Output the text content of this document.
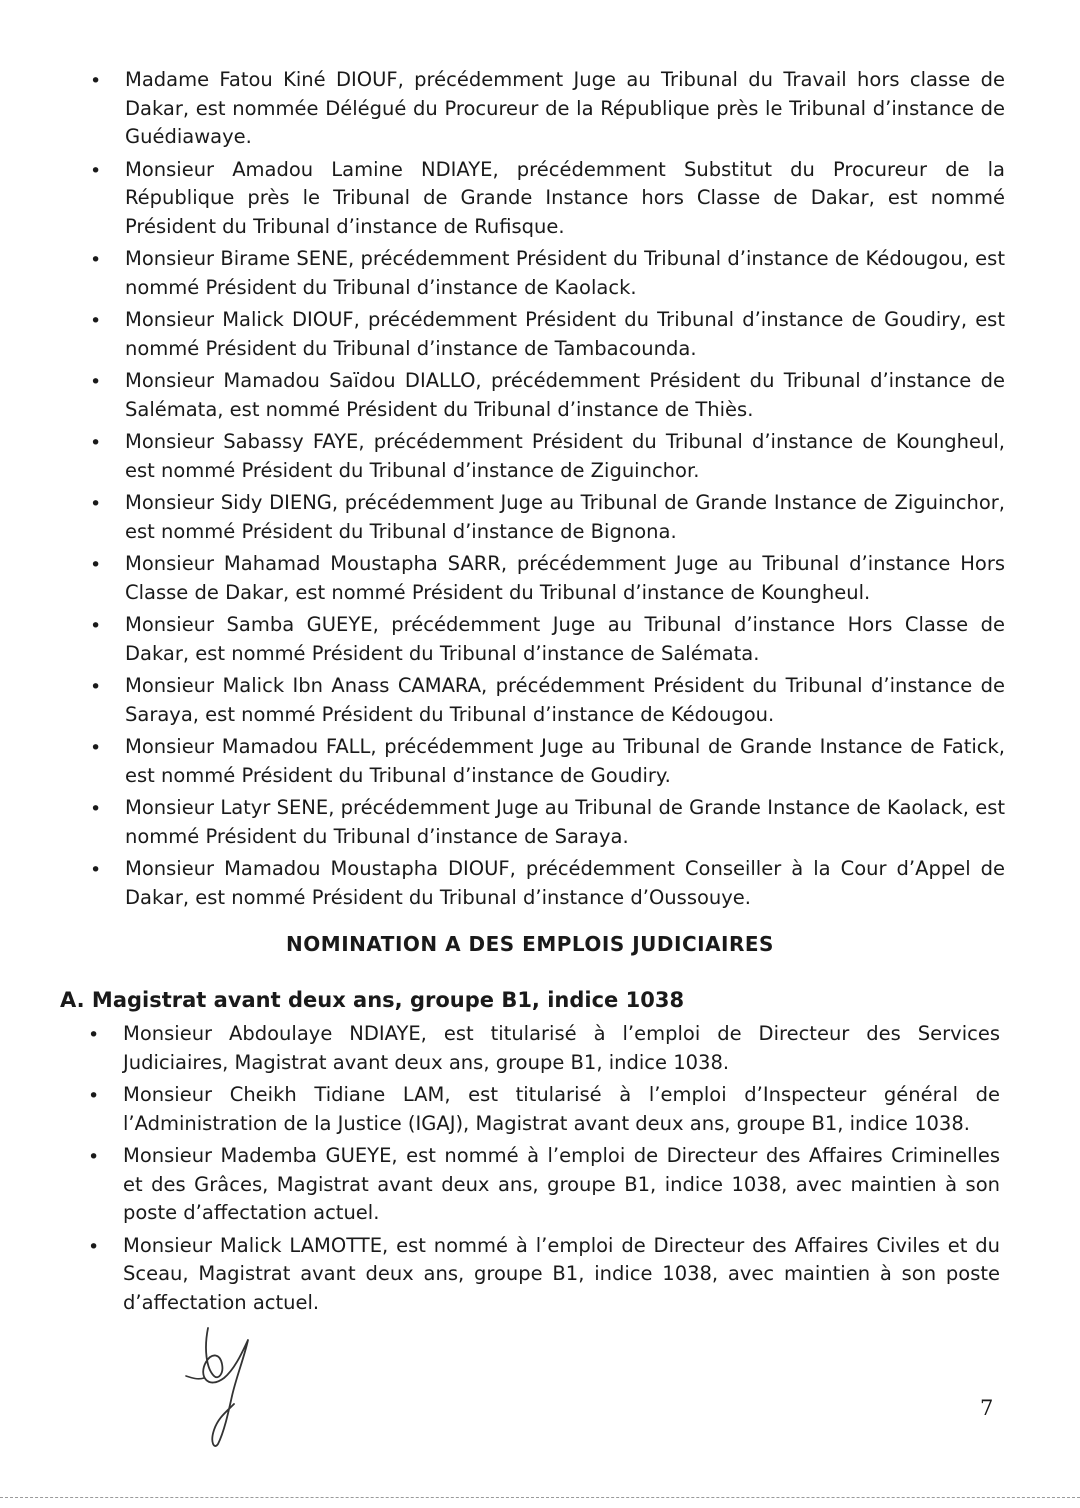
• Madame Fatou Kiné DIOUF, précédemment Juge au Tribunal du Travail hors classe de Dakar, est nommée Délégué du Procureur de la République près le Tribunal d’instance de Guédiawaye.
• Monsieur Amadou Lamine NDIAYE, précédemment Substitut du Procureur de la République près le Tribunal de Grande Instance hors Classe de Dakar, est nommé Président du Tribunal d’instance de Rufisque.
• Monsieur Birame SENE, précédemment Président du Tribunal d’instance de Kédougou, est nommé Président du Tribunal d’instance de Kaolack.
• Monsieur Malick DIOUF, précédemment Président du Tribunal d’instance de Goudiry, est nommé Président du Tribunal d’instance de Tambacounda.
• Monsieur Mamadou Saïdou DIALLO, précédemment Président du Tribunal d’instance de Salémata, est nommé Président du Tribunal d’instance de Thiès.
• Monsieur Sabassy FAYE, précédemment Président du Tribunal d’instance de Koungheul, est nommé Président du Tribunal d’instance de Ziguinchor.
• Monsieur Sidy DIENG, précédemment Juge au Tribunal de Grande Instance de Ziguinchor, est nommé Président du Tribunal d’instance de Bignona.
• Monsieur Mahamad Moustapha SARR, précédemment Juge au Tribunal d’instance Hors Classe de Dakar, est nommé Président du Tribunal d’instance de Koungheul.
• Monsieur Samba GUEYE, précédemment Juge au Tribunal d’instance Hors Classe de Dakar, est nommé Président du Tribunal d’instance de Salémata.
• Monsieur Malick Ibn Anass CAMARA, précédemment Président du Tribunal d’instance de Saraya, est nommé Président du Tribunal d’instance de Kédougou.
• Monsieur Mamadou FALL, précédemment Juge au Tribunal de Grande Instance de Fatick, est nommé Président du Tribunal d’instance de Goudiry.
• Monsieur Latyr SENE, précédemment Juge au Tribunal de Grande Instance de Kaolack, est nommé Président du Tribunal d’instance de Saraya.
• Monsieur Mamadou Moustapha DIOUF, précédemment Conseiller à la Cour d’Appel de Dakar, est nommé Président du Tribunal d’instance d’Oussouye.
NOMINATION A DES EMPLOIS JUDICIAIRES
A. Magistrat avant deux ans, groupe B1, indice 1038
• Monsieur Abdoulaye NDIAYE, est titularisé à l’emploi de Directeur des Services Judiciaires, Magistrat avant deux ans, groupe B1, indice 1038.
• Monsieur Cheikh Tidiane LAM, est titularisé à l’emploi d’Inspecteur général de l’Administration de la Justice (IGAJ), Magistrat avant deux ans, groupe B1, indice 1038.
• Monsieur Mademba GUEYE, est nommé à l’emploi de Directeur des Affaires Criminelles et des Grâces, Magistrat avant deux ans, groupe B1, indice 1038, avec maintien à son poste d’affectation actuel.
• Monsieur Malick LAMOTTE, est nommé à l’emploi de Directeur des Affaires Civiles et du Sceau, Magistrat avant deux ans, groupe B1, indice 1038, avec maintien à son poste d’affectation actuel.
7
